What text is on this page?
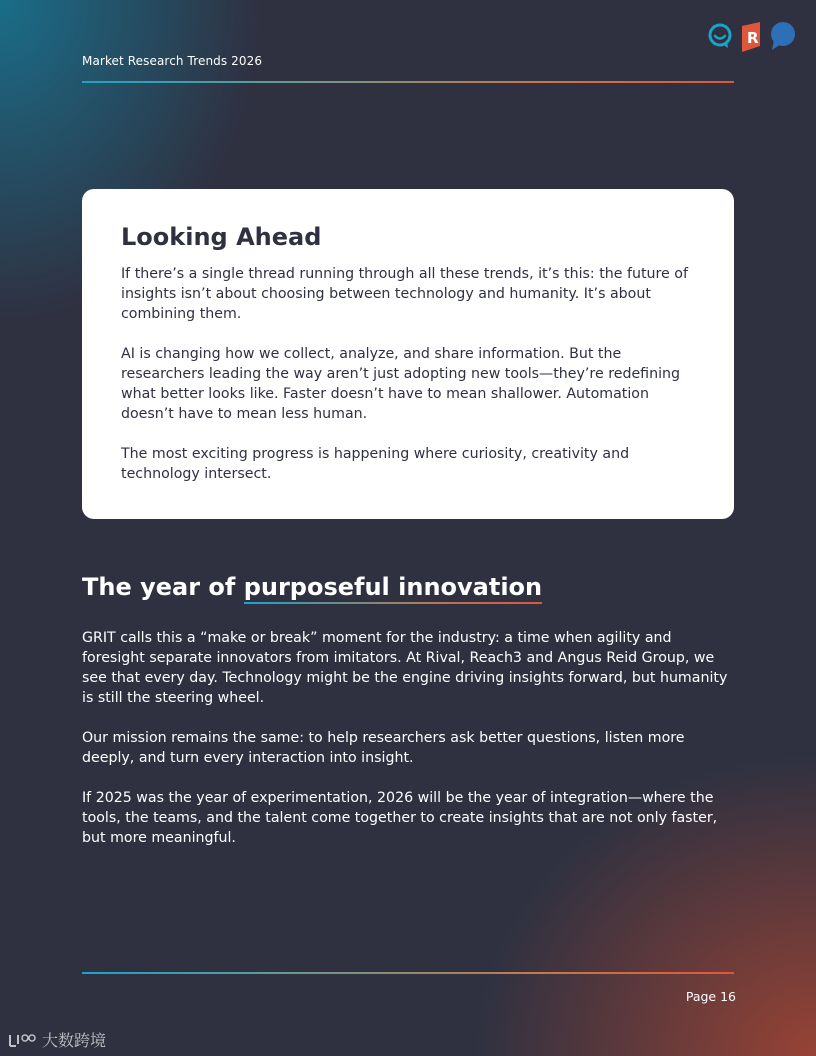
Market Research Trends 2026
R
Looking Ahead

If there’s a single thread running through all these trends, it’s this: the future of insights isn’t about choosing between technology and humanity. It’s about combining them.

AI is changing how we collect, analyze, and share information. But the researchers leading the way aren’t just adopting new tools—they’re redefining what better looks like. Faster doesn’t have to mean shallower. Automation doesn’t have to mean less human.

The most exciting progress is happening where curiosity, creativity and technology intersect.

The year of purposeful innovation

GRIT calls this a “make or break” moment for the industry: a time when agility and foresight separate innovators from imitators. At Rival, Reach3 and Angus Reid Group, we see that every day. Technology might be the engine driving insights forward, but humanity is still the steering wheel.

Our mission remains the same: to help researchers ask better questions, listen more deeply, and turn every interaction into insight.

If 2025 was the year of experimentation, 2026 will be the year of integration—where the tools, the teams, and the talent come together to create insights that are not only faster, but more meaningful.

Page 16
大数跨境
